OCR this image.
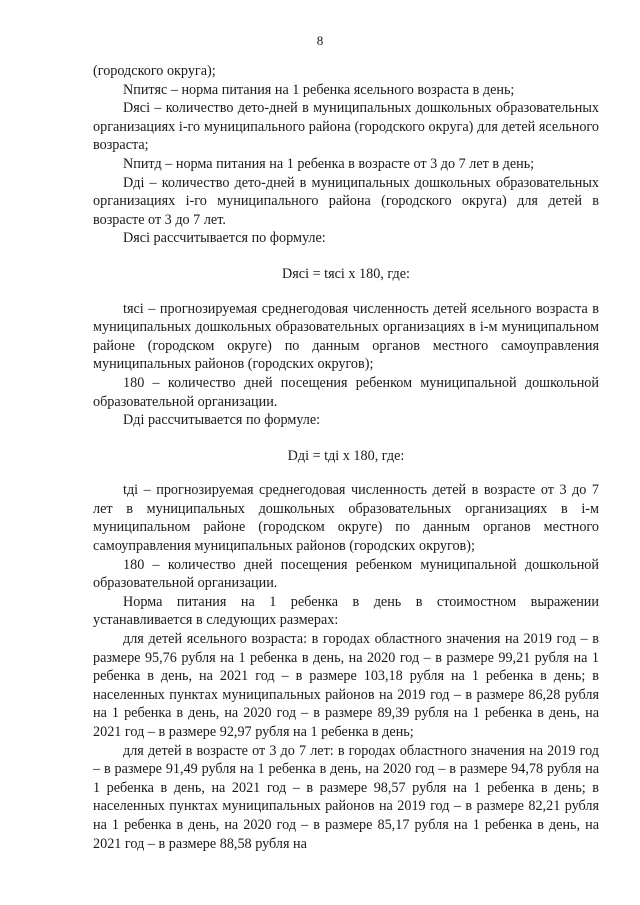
8

(городского округа);

Nпитяс – норма питания на 1 ребенка ясельного возраста в день;

Dясi – количество дето-дней в муниципальных дошкольных образовательных организациях i-го муниципального района (городского округа) для детей ясельного возраста;

Nпитд – норма питания на 1 ребенка в возрасте от 3 до 7 лет в день;

Dдi – количество дето-дней в муниципальных дошкольных образовательных организациях i-го муниципального района (городского округа) для детей в возрасте от 3 до 7 лет.

Dясi рассчитывается по формуле:

Dясi = tясi x 180, где:

tясi – прогнозируемая среднегодовая численность детей ясельного возраста в муниципальных дошкольных образовательных организациях в i-м муниципальном районе (городском округе) по данным органов местного самоуправления муниципальных районов (городских округов);

180 – количество дней посещения ребенком муниципальной дошкольной образовательной организации.

Dдi рассчитывается по формуле:

Dдi = tдi x 180, где:

tдi – прогнозируемая среднегодовая численность детей в возрасте от 3 до 7 лет в муниципальных дошкольных образовательных организациях в i-м муниципальном районе (городском округе) по данным органов местного самоуправления муниципальных районов (городских округов);

180 – количество дней посещения ребенком муниципальной дошкольной образовательной организации.

Норма питания на 1 ребенка в день в стоимостном выражении устанавливается в следующих размерах:

для детей ясельного возраста: в городах областного значения на 2019 год – в размере 95,76 рубля на 1 ребенка в день, на 2020 год – в размере 99,21 рубля на 1 ребенка в день, на 2021 год – в размере 103,18 рубля на 1 ребенка в день; в населенных пунктах муниципальных районов на 2019 год – в размере 86,28 рубля на 1 ребенка в день, на 2020 год – в размере 89,39 рубля на 1 ребенка в день, на 2021 год – в размере 92,97 рубля на 1 ребенка в день;

для детей в возрасте от 3 до 7 лет: в городах областного значения на 2019 год – в размере 91,49 рубля на 1 ребенка в день, на 2020 год – в размере 94,78 рубля на 1 ребенка в день, на 2021 год – в размере 98,57 рубля на 1 ребенка в день; в населенных пунктах муниципальных районов на 2019 год – в размере 82,21 рубля на 1 ребенка в день, на 2020 год – в размере 85,17 рубля на 1 ребенка в день, на 2021 год – в размере 88,58 рубля на
